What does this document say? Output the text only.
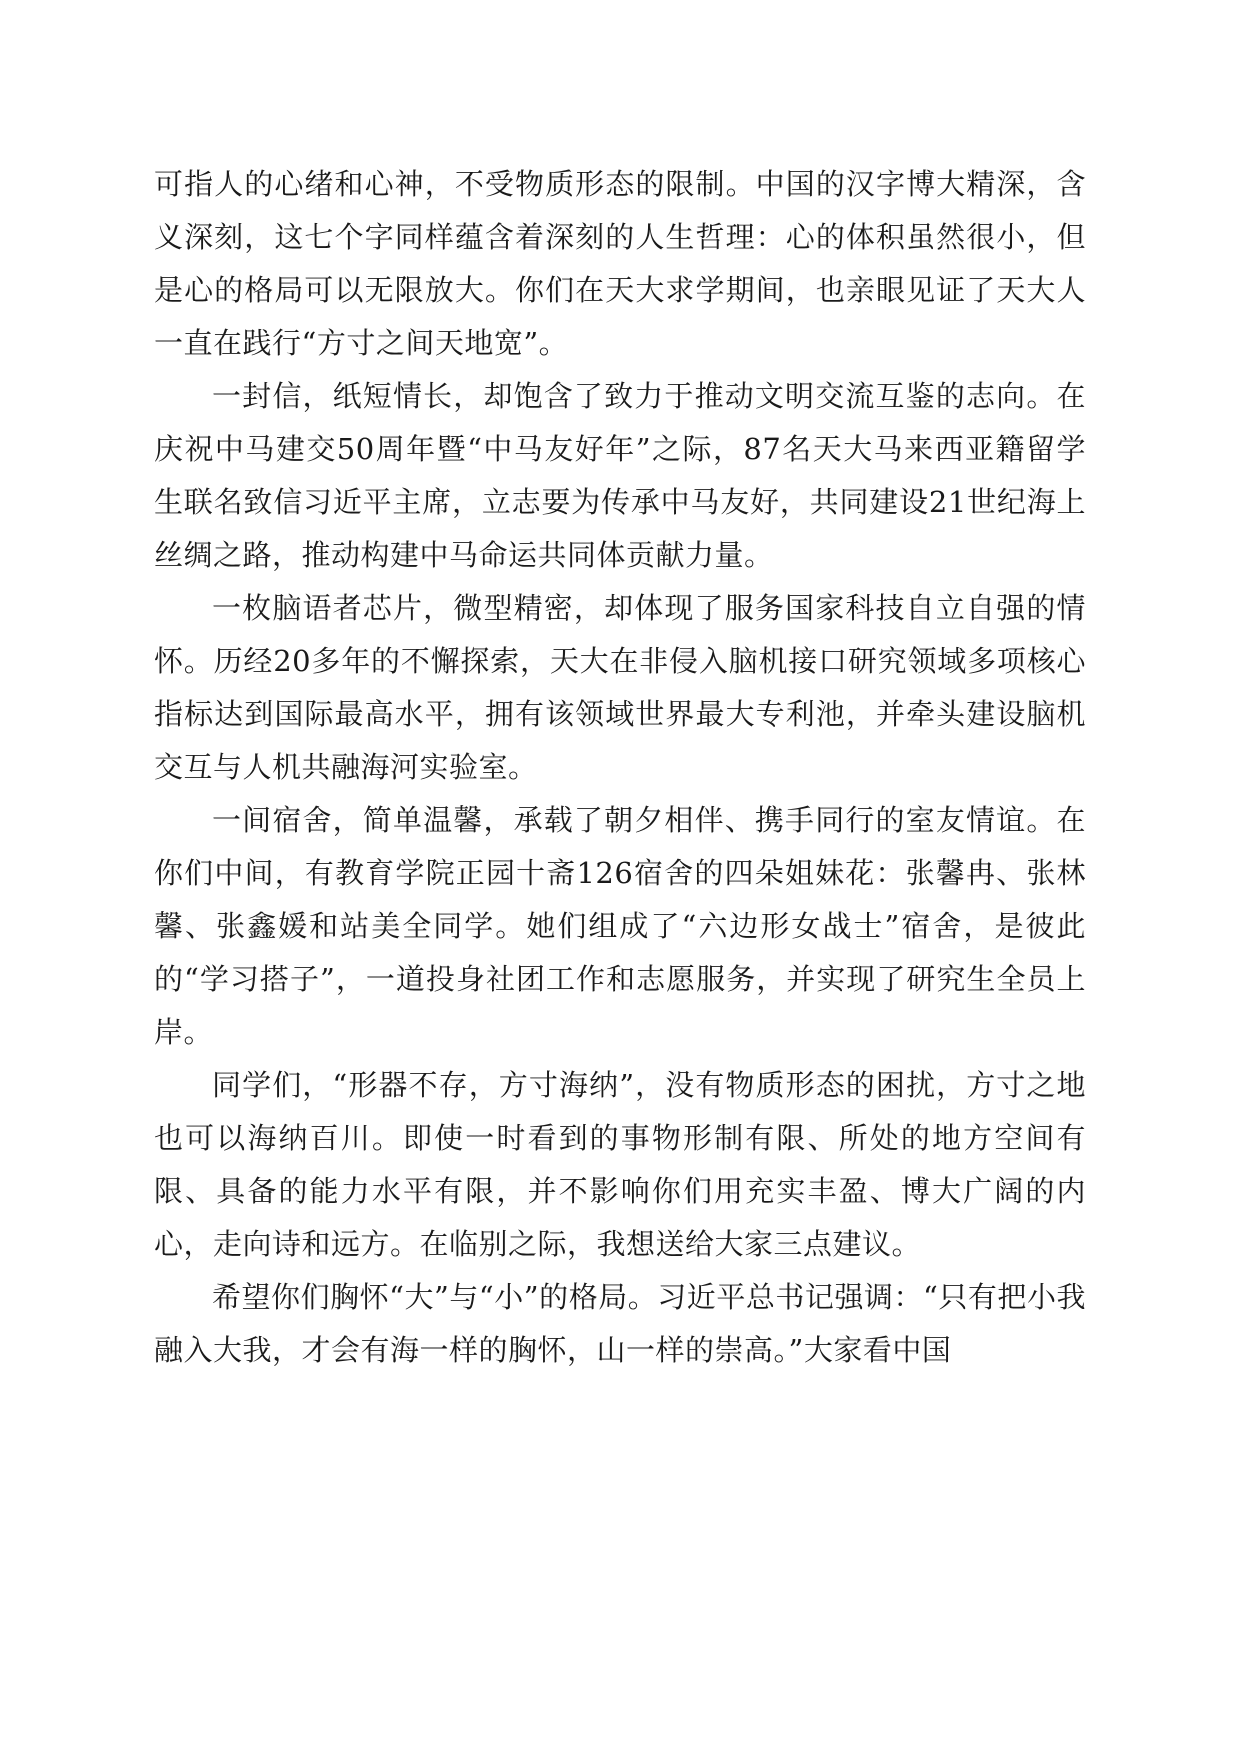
可指人的心绪和心神，不受物质形态的限制。中国的汉字博大精深，含义深刻，这七个字同样蕴含着深刻的人生哲理：心的体积虽然很小，但是心的格局可以无限放大。你们在天大求学期间，也亲眼见证了天大人一直在践行“方寸之间天地宽”。

一封信，纸短情长，却饱含了致力于推动文明交流互鉴的志向。在庆祝中马建交50周年暨“中马友好年”之际，87名天大马来西亚籍留学生联名致信习近平主席，立志要为传承中马友好，共同建设21世纪海上丝绸之路，推动构建中马命运共同体贡献力量。

一枚脑语者芯片，微型精密，却体现了服务国家科技自立自强的情怀。历经20多年的不懈探索，天大在非侵入脑机接口研究领域多项核心指标达到国际最高水平，拥有该领域世界最大专利池，并牵头建设脑机交互与人机共融海河实验室。

一间宿舍，简单温馨，承载了朝夕相伴、携手同行的室友情谊。在你们中间，有教育学院正园十斋126宿舍的四朵姐妹花：张馨冉、张林馨、张鑫媛和站美全同学。她们组成了“六边形女战士”宿舍，是彼此的“学习搭子”，一道投身社团工作和志愿服务，并实现了研究生全员上岸。

同学们，“形器不存，方寸海纳”，没有物质形态的困扰，方寸之地也可以海纳百川。即使一时看到的事物形制有限、所处的地方空间有限、具备的能力水平有限，并不影响你们用充实丰盈、博大广阔的内心，走向诗和远方。在临别之际，我想送给大家三点建议。

希望你们胸怀“大”与“小”的格局。习近平总书记强调：“只有把小我融入大我，才会有海一样的胸怀，山一样的崇高。”大家看中国
